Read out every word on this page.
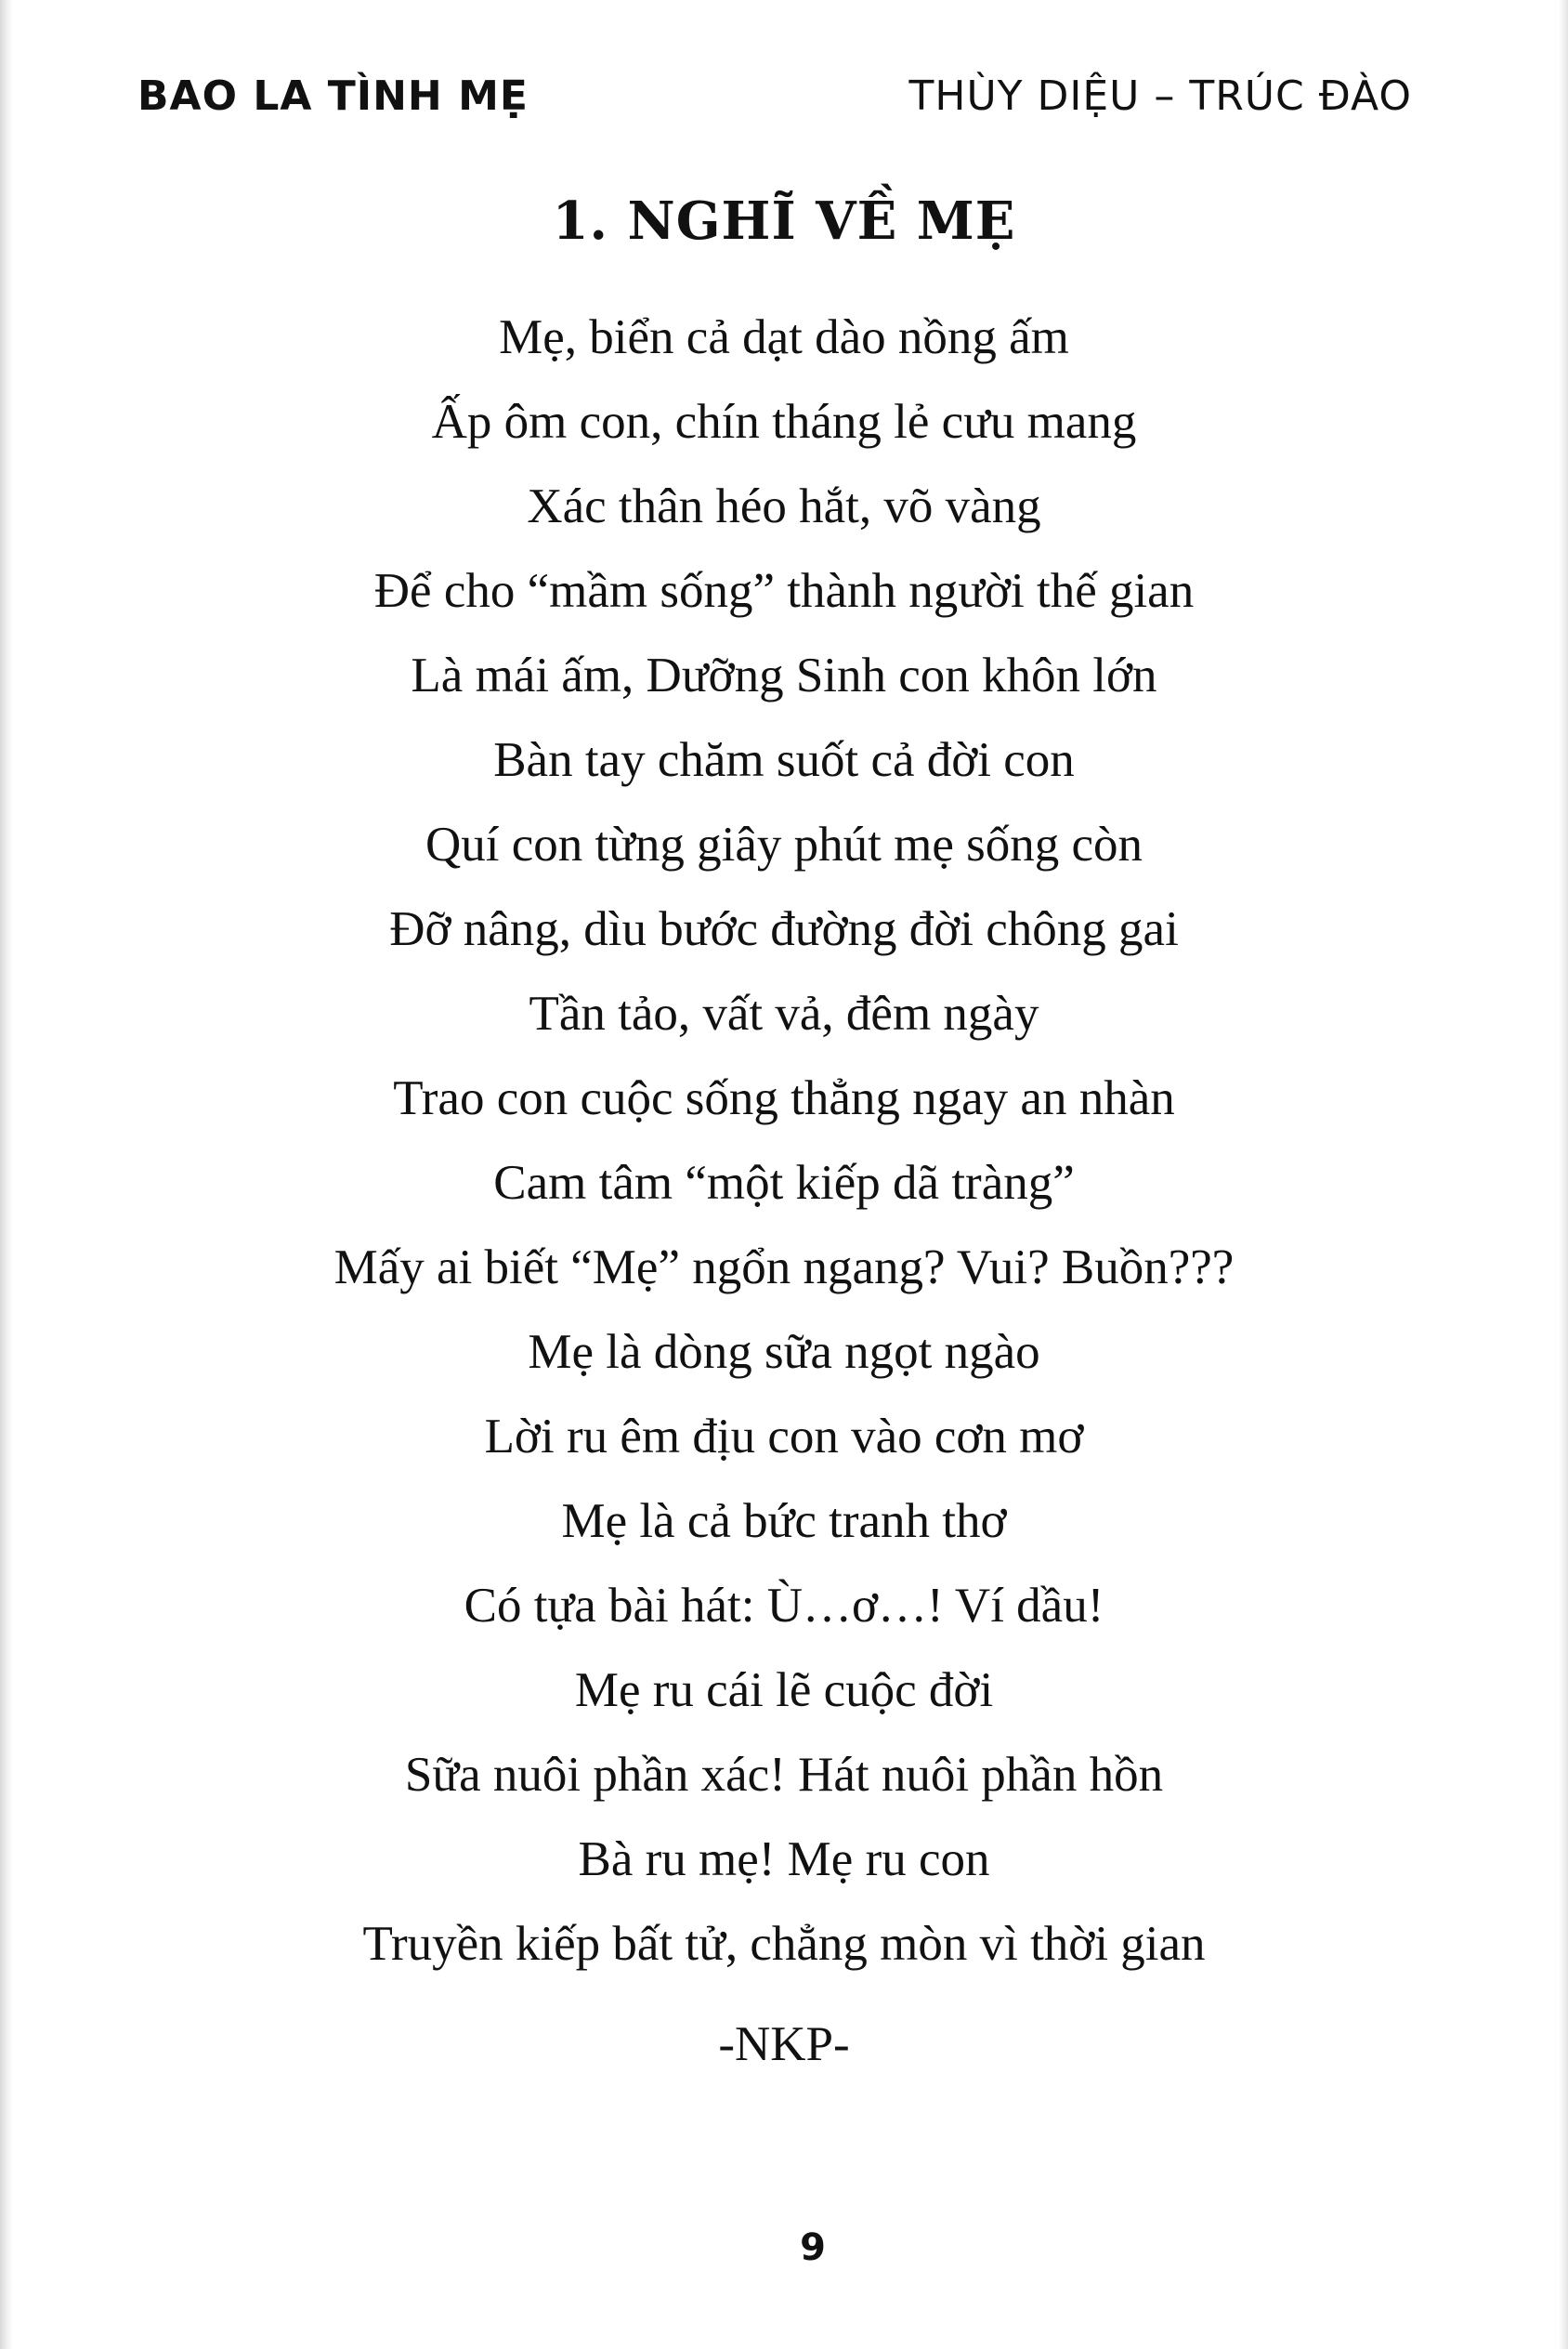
BAO LA TÌNH MẸ	THÙY DIỆU – TRÚC ĐÀO
1. NGHĨ VỀ MẸ
Mẹ, biển cả dạt dào nồng ấm
Ấp ôm con, chín tháng lẻ cưu mang
Xác thân héo hắt, võ vàng
Để cho “mầm sống” thành người thế gian
Là mái ấm, Dưỡng Sinh con khôn lớn
Bàn tay chăm suốt cả đời con
Quí con từng giây phút mẹ sống còn
Đỡ nâng, dìu bước đường đời chông gai
Tần tảo, vất vả, đêm ngày
Trao con cuộc sống thẳng ngay an nhàn
Cam tâm “một kiếp dã tràng”
Mấy ai biết “Mẹ” ngổn ngang? Vui? Buồn???
Mẹ là dòng sữa ngọt ngào
Lời ru êm địu con vào cơn mơ
Mẹ là cả bức tranh thơ
Có tựa bài hát: Ù…ơ…! Ví dầu!
Mẹ ru cái lẽ cuộc đời
Sữa nuôi phần xác! Hát nuôi phần hồn
Bà ru mẹ! Mẹ ru con
Truyền kiếp bất tử, chẳng mòn vì thời gian
-NKP-
9
